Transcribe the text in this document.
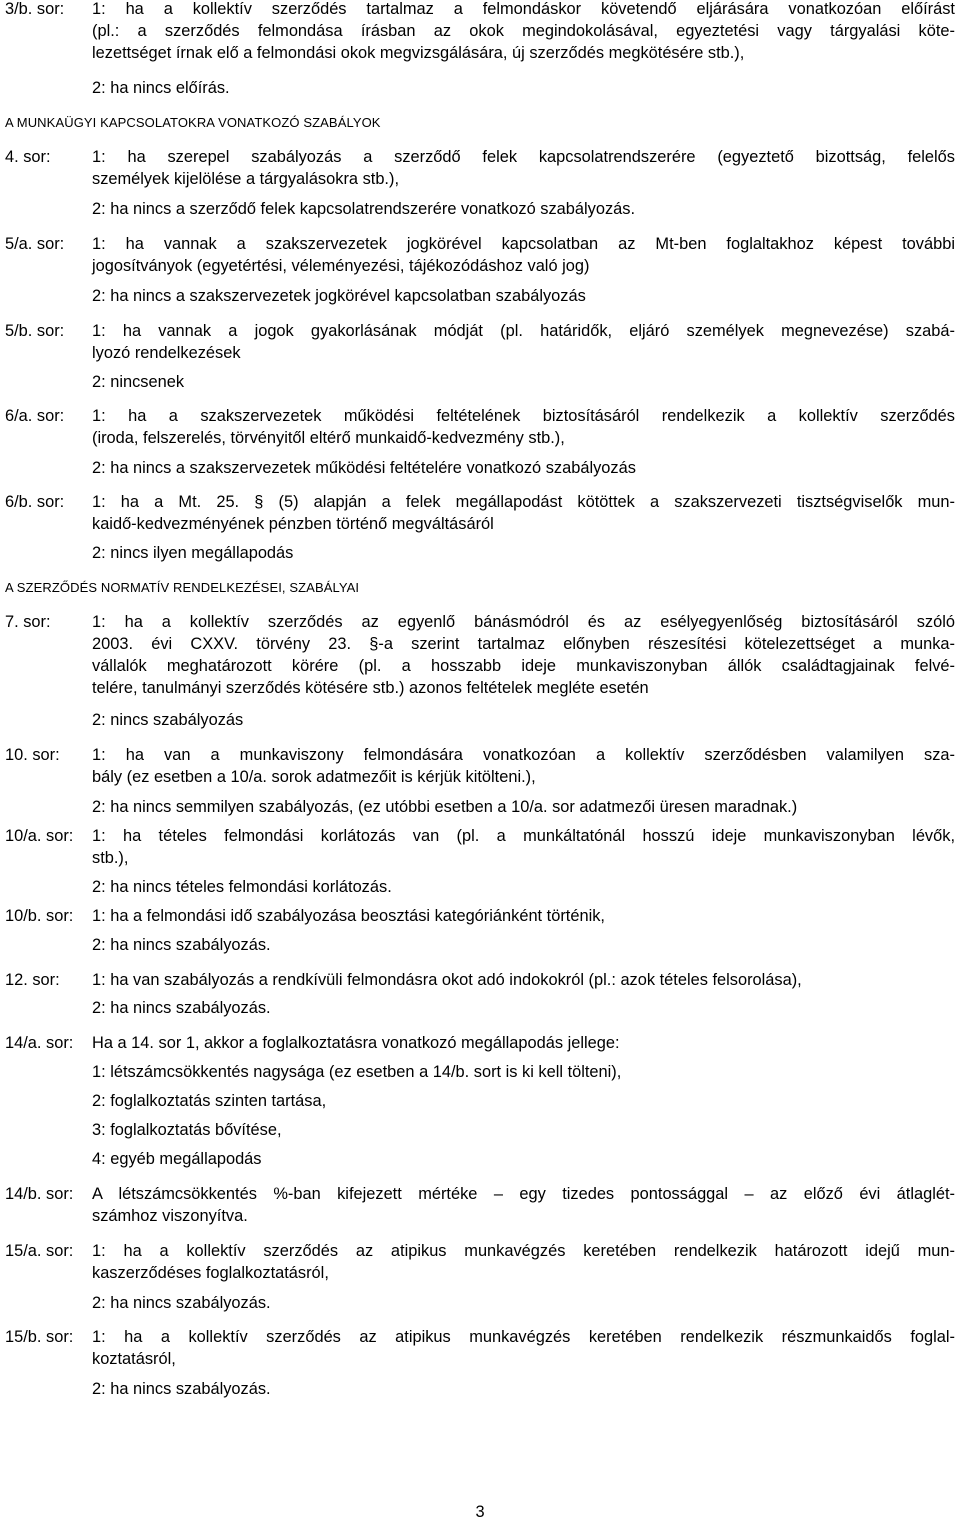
3/b. sor: 1: ha a kollektív szerződés tartalmaz a felmondáskor követendő eljárására vonatkozóan előírást
(pl.: a szerződés felmondása írásban az okok megindokolásával, egyeztetési vagy tárgyalási köte-
lezettséget írnak elő a felmondási okok megvizsgálására, új szerződés megkötésére stb.),
2: ha nincs előírás.
A MUNKAÜGYI KAPCSOLATOKRA VONATKOZÓ SZABÁLYOK
4. sor:	1: ha szerepel szabályozás a szerződő felek kapcsolatrendszerére (egyeztető bizottság, felelős
személyek kijelölése a tárgyalásokra stb.),
2: ha nincs a szerződő felek kapcsolatrendszerére vonatkozó szabályozás.
5/a. sor: 1: ha vannak a szakszervezetek jogkörével kapcsolatban az Mt-ben foglaltakhoz képest további
jogosítványok (egyetértési, véleményezési, tájékozódáshoz való jog)
2: ha nincs a szakszervezetek jogkörével kapcsolatban szabályozás
5/b. sor: 1: ha vannak a jogok gyakorlásának módját (pl. határidők, eljáró személyek megnevezése) szabá-
lyozó rendelkezések
2: nincsenek
6/a. sor: 1: ha a szakszervezetek működési feltételének biztosításáról rendelkezik a kollektív szerződés
(iroda, felszerelés, törvényitől eltérő munkaidő-kedvezmény stb.),
2: ha nincs a szakszervezetek működési feltételére vonatkozó szabályozás
6/b. sor: 1: ha a Mt. 25. § (5) alapján a felek megállapodást kötöttek a szakszervezeti tisztségviselők mun-
kaidő-kedvezményének pénzben történő megváltásáról
2: nincs ilyen megállapodás
A SZERZŐDÉS NORMATÍV RENDELKEZÉSEI, SZABÁLYAI
7. sor:	1: ha a kollektív szerződés az egyenlő bánásmódról és az esélyegyenlőség biztosításáról szóló
2003. évi CXXV. törvény 23. §-a szerint tartalmaz előnyben részesítési kötelezettséget a munka-
vállalók meghatározott körére (pl. a hosszabb ideje munkaviszonyban állók családtagjainak felvé-
telére, tanulmányi szerződés kötésére stb.) azonos feltételek megléte esetén
2: nincs szabályozás
10. sor: 1: ha van a munkaviszony felmondására vonatkozóan a kollektív szerződésben valamilyen sza-
bály (ez esetben a 10/a. sorok adatmezőit is kérjük kitölteni.),
2: ha nincs semmilyen szabályozás, (ez utóbbi esetben a 10/a. sor adatmezői üresen maradnak.)
10/a. sor: 1: ha tételes felmondási korlátozás van (pl. a munkáltatónál hosszú ideje munkaviszonyban lévők,
stb.),
2: ha nincs tételes felmondási korlátozás.
10/b. sor: 1: ha a felmondási idő szabályozása beosztási kategóriánként történik,
2: ha nincs szabályozás.
12. sor: 1: ha van szabályozás a rendkívüli felmondásra okot adó indokokról (pl.: azok tételes felsorolása),
2: ha nincs szabályozás.
14/a. sor: Ha a 14. sor 1, akkor a foglalkoztatásra vonatkozó megállapodás jellege:
1: létszámcsökkentés nagysága (ez esetben a 14/b. sort is ki kell tölteni),
2: foglalkoztatás szinten tartása,
3: foglalkoztatás bővítése,
4: egyéb megállapodás
14/b. sor: A létszámcsökkentés %-ban kifejezett mértéke – egy tizedes pontossággal – az előző évi átlaglét-
számhoz viszonyítva.
15/a. sor: 1: ha a kollektív szerződés az atipikus munkavégzés keretében rendelkezik határozott idejű mun-
kaszerződéses foglalkoztatásról,
2: ha nincs szabályozás.
15/b. sor: 1: ha a kollektív szerződés az atipikus munkavégzés keretében rendelkezik részmunkaidős foglal-
koztatásról,
2: ha nincs szabályozás.
3
